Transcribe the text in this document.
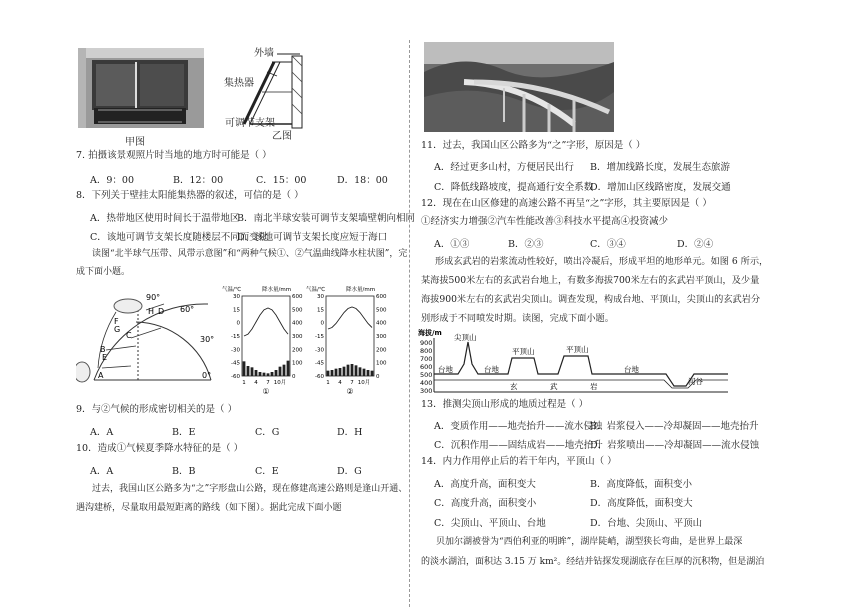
甲图
外墙
集热器
可调节支架
乙图
7. 拍摄该景观照片时当地的地方时可能是（ ）
A．9：00	B．12：00	C．15：00	D．18：00
8．下列关于壁挂太阳能集热器的叙述，可信的是（ ）
A．热带地区使用时间长于温带地区
B．南北半球安装可调节支架墙壁朝向相同
C．该地可调节支架长度随楼层不同而变化
D．该地可调节支架长度应短于海口
读图“北半球气压带、风带示意图”和“两种气候①、②气温曲线降水柱状图”，完
成下面小题。
A
B
C
D
E
F
G
H
90°
60°
30°
0°
气温/℃	降水量/mm
30
15
0
-15
-30
-45
-60
600
500
400
300
200
100
0
1 4 7 10月
①
气温/℃	降水量/mm
30
15
0
-15
-30
-45
-60
600
500
400
300
200
100
0
1 4 7 10月
②
9．与②气候的形成密切相关的是（ ）
A．A	B．E	C．G	D．H
10．造成①气候夏季降水特征的是（ ）
A．A	B．B	C．E	D．G
过去，我国山区公路多为“之”字形盘山公路，现在修建高速公路则是逢山开通、
遇沟建桥，尽量取用最短距离的路线（如下图）。据此完成下面小题
11．过去，我国山区公路多为“之”字形，原因是（ ）
A．经过更多山村，方便居民出行 B．增加线路长度，发展生态旅游
C．降低线路坡度，提高通行安全系数
D．增加山区线路密度，发展交通
12．现在在山区修建的高速公路不再呈“之”字形，其主要原因是（ ）
①经济实力增强②汽车性能改善③科技水平提高④投资减少
A．①③	B．②③	C．③④	D．②④
形成玄武岩的岩浆流动性较好，喷出冷凝后，形成平坦的地形单元。如图 6 所示，
某海拔500米左右的玄武岩台地上，有数多海拔700米左右的玄武岩平顶山，及少量
海拔900米左右的玄武岩尖顶山。调查发现，构成台地、平顶山，尖顶山的玄武岩分
别形成于不同喷发时期。读图，完成下面小题。
海拔/m
900
800
700
600
500
400
300
尖顶山
平顶山	平顶山
台地	台地	台地
河谷
玄	武	岩
13．推测尖顶山形成的地质过程是（ ）
A．变质作用——地壳抬升——流水侵蚀
B．岩浆侵入——冷却凝固——地壳抬升
C．沉积作用——固结成岩——地壳抬升
D．岩浆喷出——冷却凝固——流水侵蚀
14．内力作用停止后的若干年内，平顶山（ ）
A．高度升高，面积变大	B．高度降低，面积变小
C．高度升高，面积变小	D．高度降低，面积变大
C．尖顶山、平顶山、台地	D．台地、尖顶山、平顶山
贝加尔湖被誉为“西伯利亚的明眸”，湖岸陡峭，湖型狭长弯曲，是世界上最深
的淡水湖泊，面积达 3.15 万 km²。经结并钻探发现湖底存在巨厚的沉积物，但是湖泊
